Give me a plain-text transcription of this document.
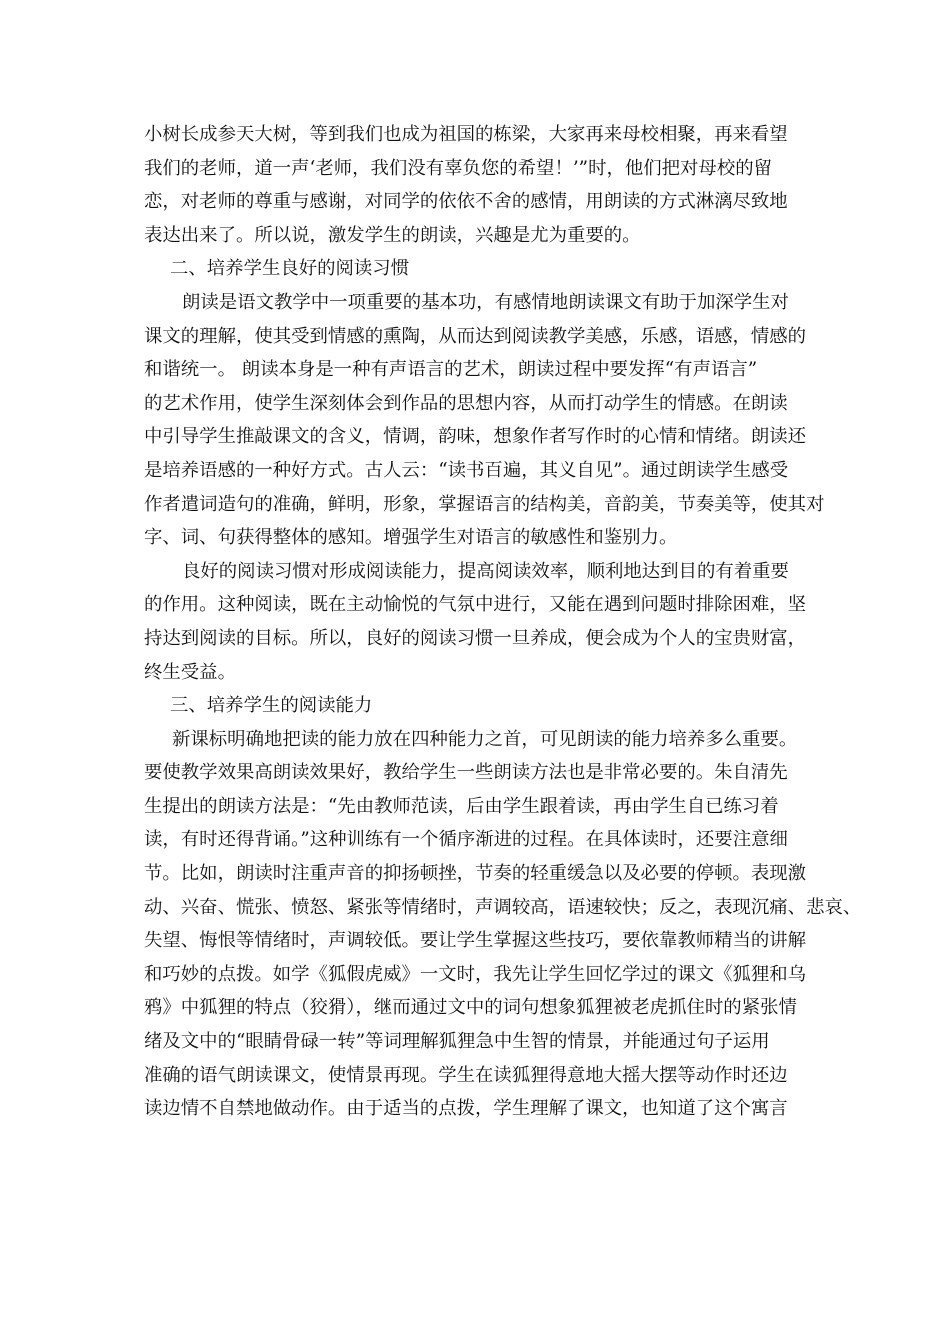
小树长成参天大树，等到我们也成为祖国的栋梁，大家再来母校相聚，再来看望
我们的老师，道一声‘老师，我们没有辜负您的希望！’”时，他们把对母校的留
恋，对老师的尊重与感谢，对同学的依依不舍的感情，用朗读的方式淋漓尽致地
表达出来了。所以说，激发学生的朗读，兴趣是尤为重要的。
二、培养学生良好的阅读习惯
朗读是语文教学中一项重要的基本功，有感情地朗读课文有助于加深学生对
课文的理解，使其受到情感的熏陶，从而达到阅读教学美感，乐感，语感，情感的
和谐统一。 朗读本身是一种有声语言的艺术，朗读过程中要发挥“有声语言”
的艺术作用，使学生深刻体会到作品的思想内容，从而打动学生的情感。在朗读
中引导学生推敲课文的含义，情调，韵味，想象作者写作时的心情和情绪。朗读还
是培养语感的一种好方式。古人云：“读书百遍，其义自见”。通过朗读学生感受
作者遣词造句的准确，鲜明，形象，掌握语言的结构美，音韵美，节奏美等，使其对
字、词、句获得整体的感知。增强学生对语言的敏感性和鉴别力。
良好的阅读习惯对形成阅读能力，提高阅读效率，顺利地达到目的有着重要
的作用。这种阅读，既在主动愉悦的气氛中进行，又能在遇到问题时排除困难，坚
持达到阅读的目标。所以，良好的阅读习惯一旦养成，便会成为个人的宝贵财富，
终生受益。
三、培养学生的阅读能力
新课标明确地把读的能力放在四种能力之首，可见朗读的能力培养多么重要。
要使教学效果高朗读效果好，教给学生一些朗读方法也是非常必要的。朱自清先
生提出的朗读方法是：“先由教师范读，后由学生跟着读，再由学生自已练习着
读，有时还得背诵。”这种训练有一个循序渐进的过程。在具体读时，还要注意细
节。比如，朗读时注重声音的抑扬顿挫，节奏的轻重缓急以及必要的停顿。表现激
动、兴奋、慌张、愤怒、紧张等情绪时，声调较高，语速较快；反之，表现沉痛、悲哀、
失望、悔恨等情绪时，声调较低。要让学生掌握这些技巧，要依靠教师精当的讲解
和巧妙的点拨。如学《狐假虎威》一文时，我先让学生回忆学过的课文《狐狸和乌
鸦》中狐狸的特点（狡猾），继而通过文中的词句想象狐狸被老虎抓住时的紧张情
绪及文中的“眼睛骨碌一转”等词理解狐狸急中生智的情景，并能通过句子运用
准确的语气朗读课文，使情景再现。学生在读狐狸得意地大摇大摆等动作时还边
读边情不自禁地做动作。由于适当的点拨，学生理解了课文，也知道了这个寓言
